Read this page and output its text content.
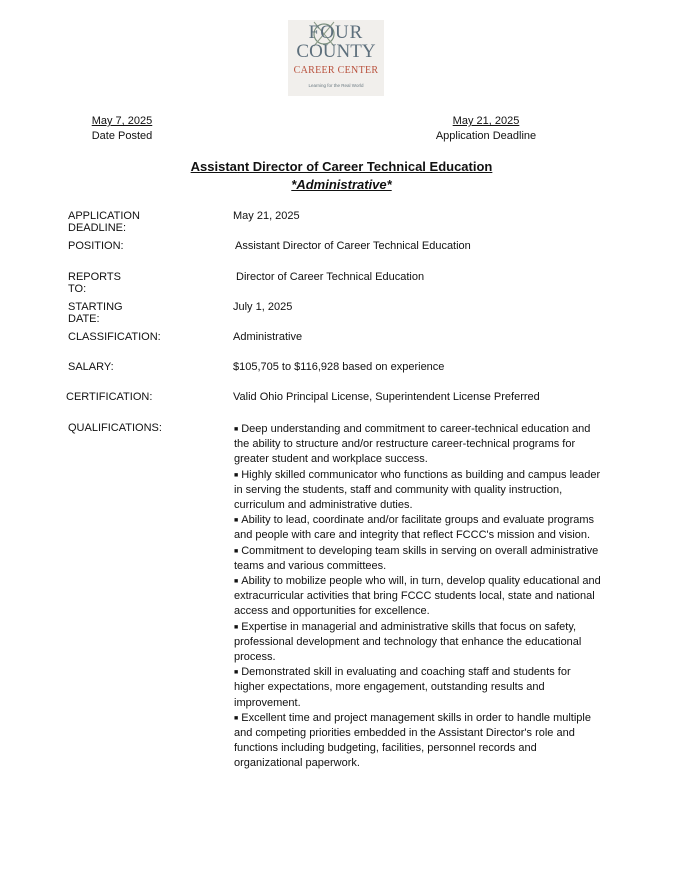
FOUR
COUNTY
CAREER CENTER
Learning for the Real World
May 7, 2025
Date Posted
May 21, 2025
Application Deadline
Assistant Director of Career Technical Education
*Administrative*
APPLICATION DEADLINE:
May 21, 2025
POSITION:	Assistant Director of Career Technical Education
REPORTS TO:
Director of Career Technical Education
STARTING DATE:
July 1, 2025
CLASSIFICATION:	Administrative
SALARY:	$105,705 to $116,928 based on experience
CERTIFICATION:	Valid Ohio Principal License, Superintendent License Preferred
QUALIFICATIONS:	■ Deep understanding and commitment to career-technical education and the ability to structure and/or restructure career-technical programs for greater student and workplace success.

■ Highly skilled communicator who functions as building and campus leader in serving the students, staff and community with quality instruction, curriculum and administrative duties.

■ Ability to lead, coordinate and/or facilitate groups and evaluate programs and people with care and integrity that reflect FCCC's mission and vision.

■ Commitment to developing team skills in serving on overall administrative teams and various committees.

■ Ability to mobilize people who will, in turn, develop quality educational and extracurricular activities that bring FCCC students local, state and national access and opportunities for excellence.

■ Expertise in managerial and administrative skills that focus on safety, professional development and technology that enhance the educational process.

■ Demonstrated skill in evaluating and coaching staff and students for higher expectations, more engagement, outstanding results and improvement.

■ Excellent time and project management skills in order to handle multiple and competing priorities embedded in the Assistant Director's role and functions including budgeting, facilities, personnel records and organizational paperwork.
